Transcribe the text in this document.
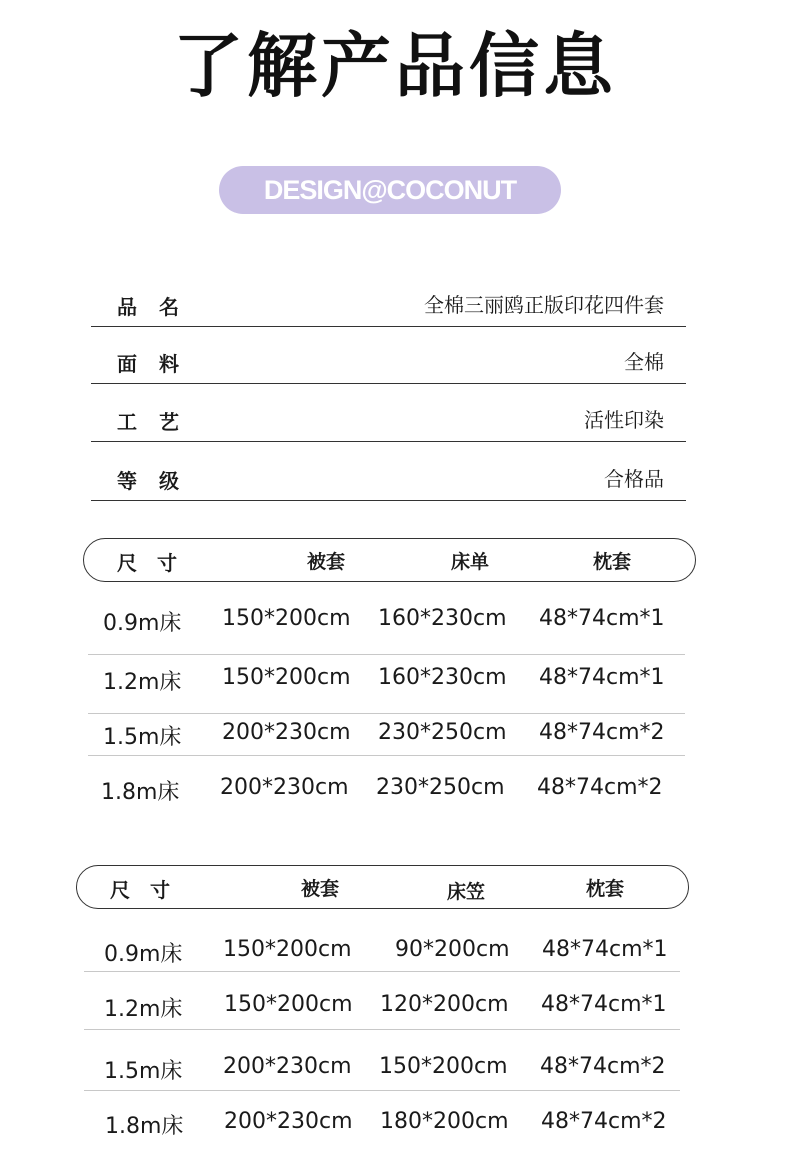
了解产品信息
DESIGN@COCONUT
品名	全棉三丽鸥正版印花四件套
面料	全棉
工艺	活性印染
等级	合格品
尺寸	被套	床单	枕套
0.9m床 150*200cm 160*230cm 48*74cm*1
1.2m床 150*200cm 160*230cm 48*74cm*1
1.5m床 200*230cm 230*250cm 48*74cm*2
1.8m床 200*230cm 230*250cm 48*74cm*2
尺寸	被套	床笠	枕套
0.9m床 150*200cm 90*200cm 48*74cm*1
1.2m床 150*200cm 120*200cm 48*74cm*1
1.5m床 200*230cm 150*200cm 48*74cm*2
1.8m床 200*230cm 180*200cm 48*74cm*2
